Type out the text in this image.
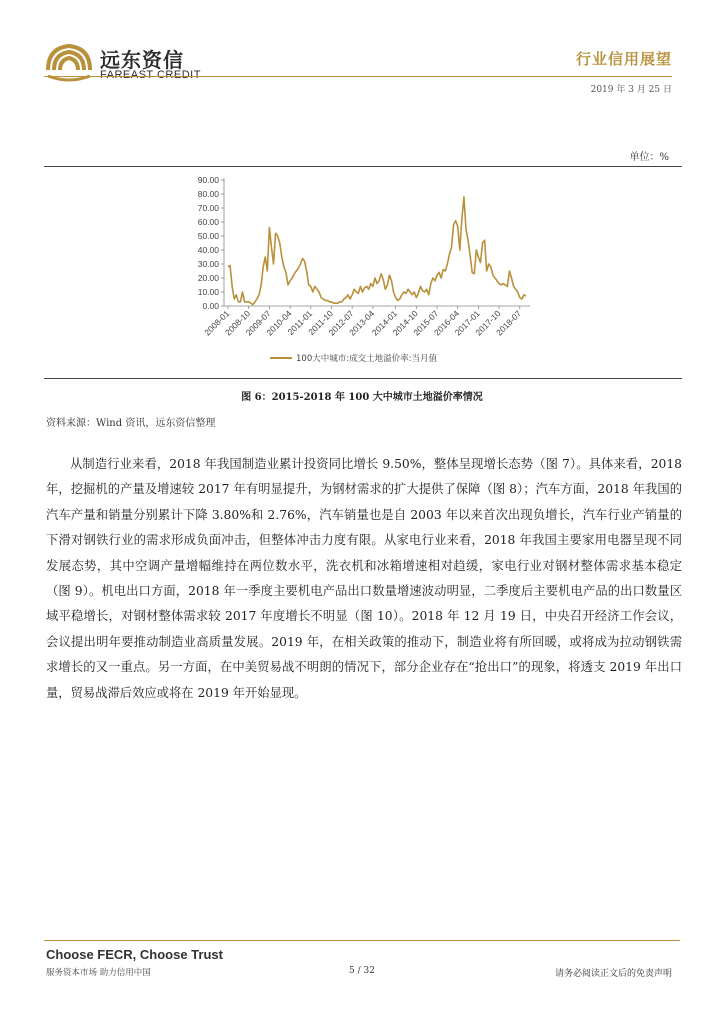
远东资信
FAREAST CREDIT
行业信用展望
2019 年 3 月 25 日
单位：%
0.00
10.00
20.00
30.00
40.00
50.00
60.00
70.00
80.00
90.00
2008-01
2008-10
2009-07
2010-04
2011-01
2011-10
2012-07
2013-04
2014-01
2014-10
2015-07
2016-04
2017-01
2017-10
2018-07
100大中城市:成交土地溢价率:当月值
图 6：2015-2018 年 100 大中城市土地溢价率情况
资料来源：Wind 资讯，远东资信整理

从制造行业来看，2018 年我国制造业累计投资同比增长 9.50%，整体呈现增长态势（图 7）。具体来看，2018 年，挖掘机的产量及增速较 2017 年有明显提升，为钢材需求的扩大提供了保障（图 8）；汽车方面，2018 年我国的汽车产量和销量分别累计下降 3.80%和 2.76%，汽车销量也是自 2003 年以来首次出现负增长，汽车行业产销量的下滑对钢铁行业的需求形成负面冲击，但整体冲击力度有限。从家电行业来看，2018 年我国主要家用电器呈现不同发展态势，其中空调产量增幅维持在两位数水平，洗衣机和冰箱增速相对趋缓，家电行业对钢材整体需求基本稳定（图 9）。机电出口方面，2018 年一季度主要机电产品出口数量增速波动明显，二季度后主要机电产品的出口数量区域平稳增长，对钢材整体需求较 2017 年度增长不明显（图 10）。2018 年 12 月 19 日，中央召开经济工作会议，会议提出明年要推动制造业高质量发展。2019 年，在相关政策的推动下，制造业将有所回暖，或将成为拉动钢铁需求增长的又一重点。另一方面，在中美贸易战不明朗的情况下，部分企业存在“抢出口”的现象，将透支 2019 年出口量，贸易战滞后效应或将在 2019 年开始显现。

Choose FECR, Choose Trust
服务资本市场 助力信用中国	5 / 32	请务必阅读正文后的免责声明
